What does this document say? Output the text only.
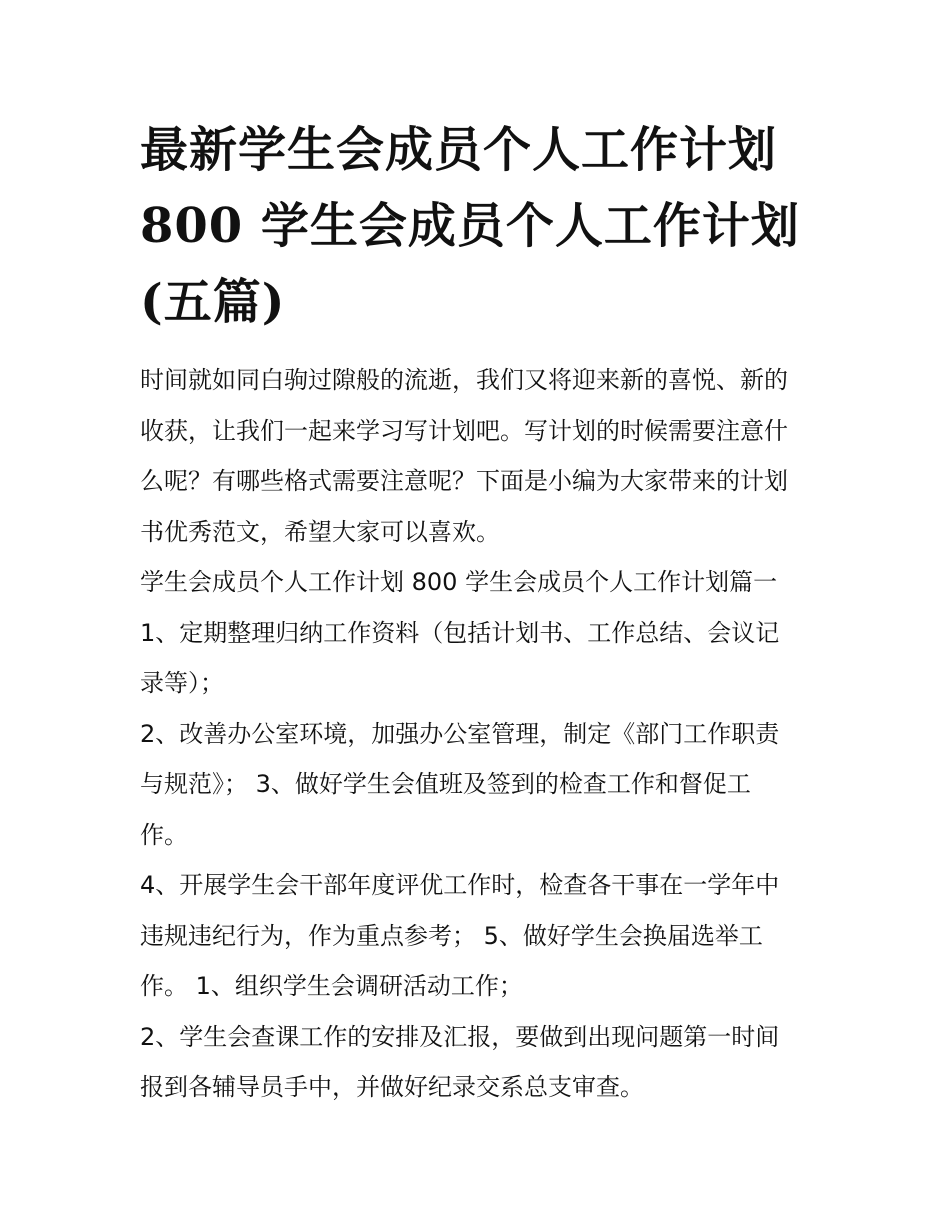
最新学生会成员个人工作计划
800 学生会成员个人工作计划
(五篇)
时间就如同白驹过隙般的流逝，我们又将迎来新的喜悦、新的
收获，让我们一起来学习写计划吧。写计划的时候需要注意什
么呢？有哪些格式需要注意呢？下面是小编为大家带来的计划
书优秀范文，希望大家可以喜欢。
学生会成员个人工作计划 800 学生会成员个人工作计划篇一
1、定期整理归纳工作资料（包括计划书、工作总结、会议记
录等）；
2、改善办公室环境，加强办公室管理，制定《部门工作职责
与规范》； 3、做好学生会值班及签到的检查工作和督促工
作。
4、开展学生会干部年度评优工作时，检查各干事在一学年中
违规违纪行为，作为重点参考； 5、做好学生会换届选举工
作。 1、组织学生会调研活动工作；
2、学生会查课工作的安排及汇报，要做到出现问题第一时间
报到各辅导员手中，并做好纪录交系总支审查。
